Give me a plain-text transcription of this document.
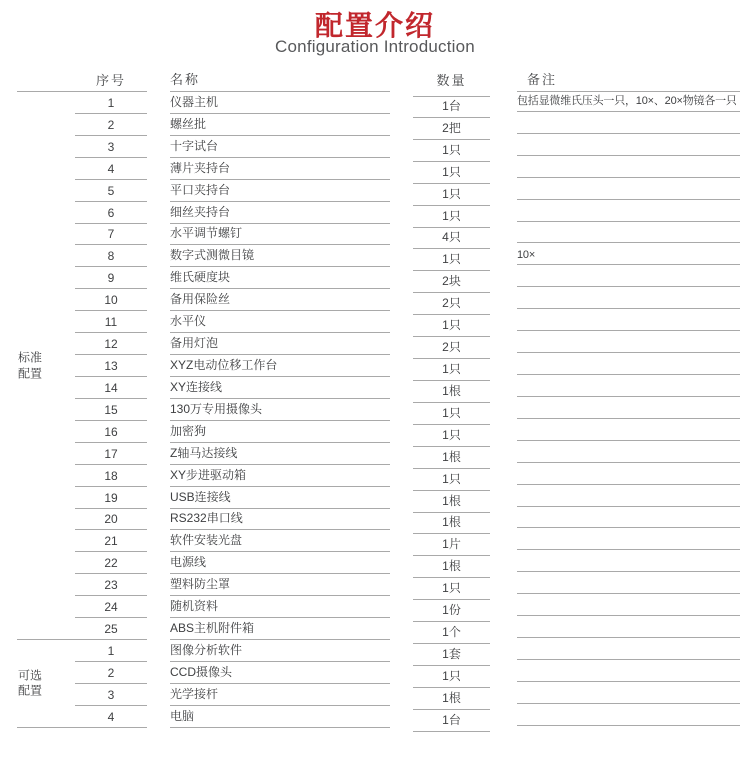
配置介绍
Configuration Introduction
序号	名称	数量	备注
标准配置
1	仪器主机	1台	包括显微维氏压头一只，10×、20×物镜各一只
2	螺丝批	2把
3	十字试台	1只
4	薄片夹持台	1只
5	平口夹持台	1只
6	细丝夹持台	1只
7	水平调节螺钉	4只
8	数字式测微目镜	1只	10×
9	维氏硬度块	2块
10	备用保险丝	2只
11	水平仪	1只
12	备用灯泡	2只
13	XYZ电动位移工作台	1只
14	XY连接线	1根
15	130万专用摄像头	1只
16	加密狗	1只
17	Z轴马达接线	1根
18	XY步进驱动箱	1只
19	USB连接线	1根
20	RS232串口线	1根
21	软件安装光盘	1片
22	电源线	1根
23	塑料防尘罩	1只
24	随机资料	1份
25	ABS主机附件箱	1个
可选配置
1	图像分析软件	1套
2	CCD摄像头	1只
3	光学接杆	1根
4	电脑	1台
